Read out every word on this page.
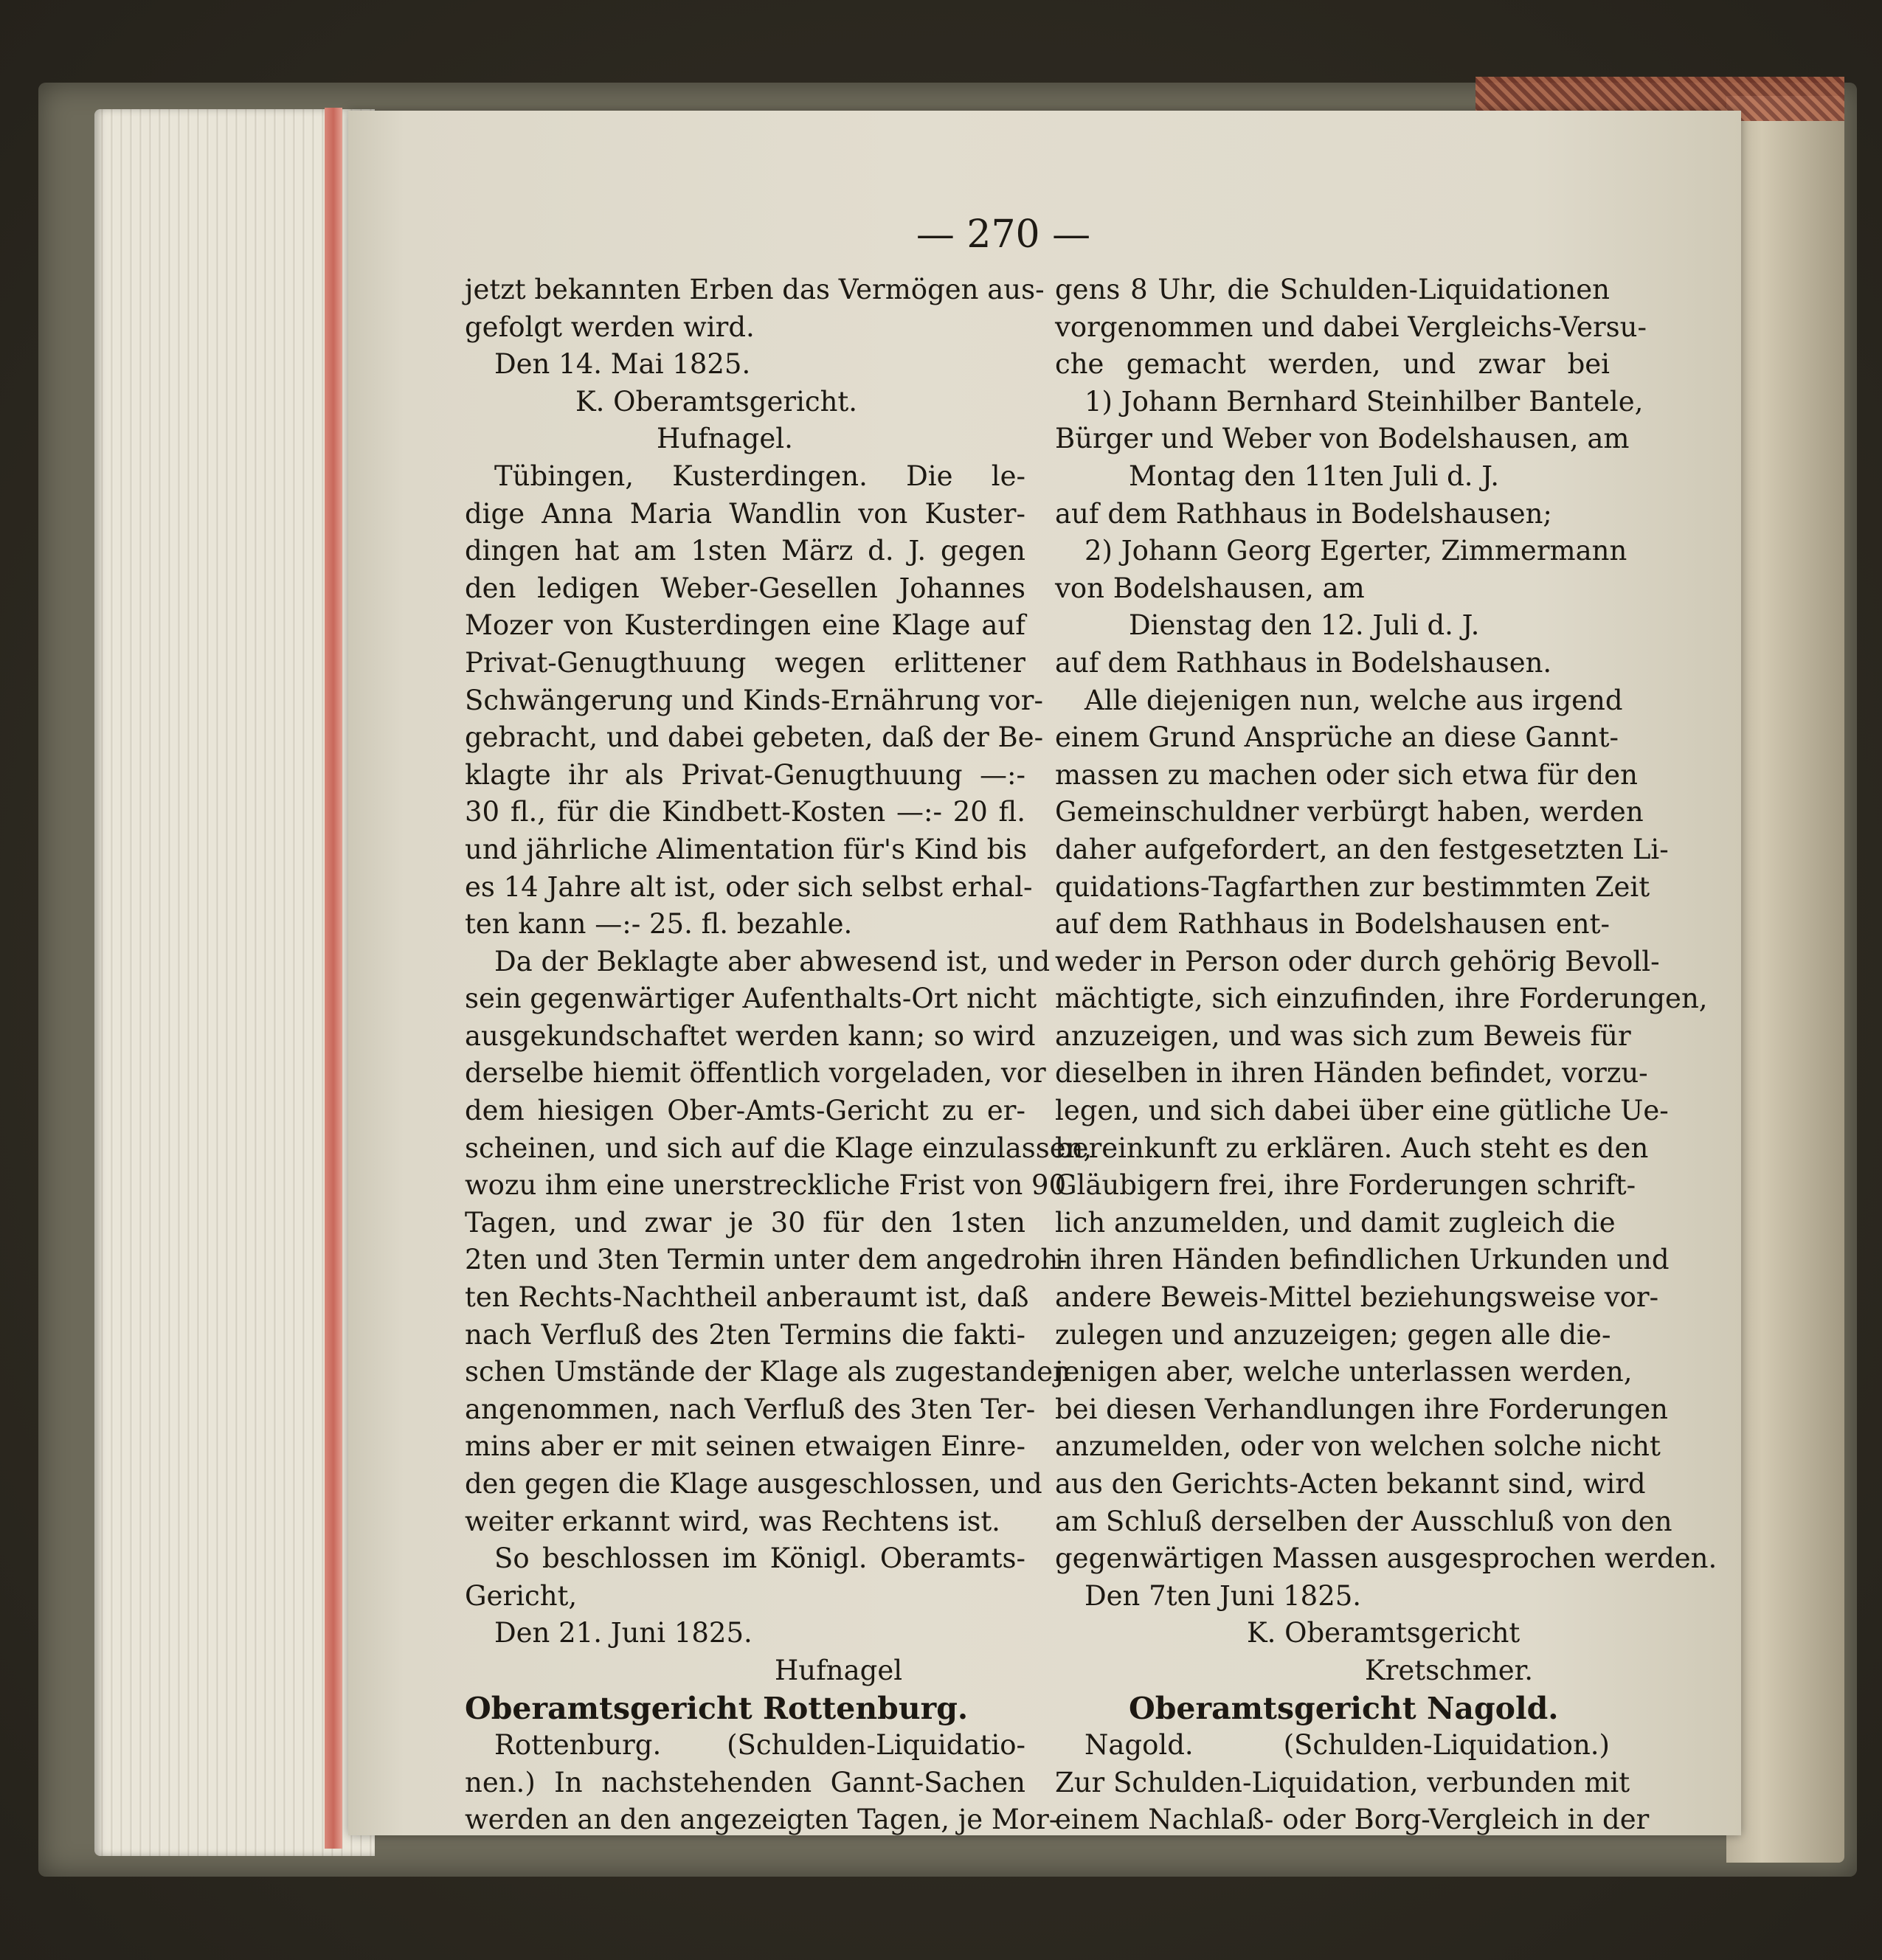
— 270 —
jetzt bekannten Erben das Vermögen aus-
gefolgt werden wird.
Den 14. Mai 1825.
K. Oberamtsgericht.
Hufnagel.
Tübingen, Kusterdingen. Die le-
dige Anna Maria Wandlin von Kuster-
dingen hat am 1sten März d. J. gegen
den ledigen Weber-Gesellen Johannes
Mozer von Kusterdingen eine Klage auf
Privat-Genugthuung wegen erlittener
Schwängerung und Kinds-Ernährung vor-
gebracht, und dabei gebeten, daß der Be-
klagte ihr als Privat-Genugthuung —:-
30 fl., für die Kindbett-Kosten —:- 20 fl.
und jährliche Alimentation für's Kind bis
es 14 Jahre alt ist, oder sich selbst erhal-
ten kann —:- 25. fl. bezahle.
Da der Beklagte aber abwesend ist, und
sein gegenwärtiger Aufenthalts-Ort nicht
ausgekundschaftet werden kann; so wird
derselbe hiemit öffentlich vorgeladen, vor
dem hiesigen Ober-Amts-Gericht zu er-
scheinen, und sich auf die Klage einzulassen,
wozu ihm eine unerstreckliche Frist von 90
Tagen, und zwar je 30 für den 1sten
2ten und 3ten Termin unter dem angedroh-
ten Rechts-Nachtheil anberaumt ist, daß
nach Verfluß des 2ten Termins die fakti-
schen Umstände der Klage als zugestanden
angenommen, nach Verfluß des 3ten Ter-
mins aber er mit seinen etwaigen Einre-
den gegen die Klage ausgeschlossen, und
weiter erkannt wird, was Rechtens ist.
So beschlossen im Königl. Oberamts-
Gericht,
Den 21. Juni 1825.
Hufnagel
Oberamtsgericht Rottenburg.
Rottenburg. (Schulden-Liquidatio-
nen.) In nachstehenden Gannt-Sachen
werden an den angezeigten Tagen, je Mor-
gens 8 Uhr, die Schulden-Liquidationen
vorgenommen und dabei Vergleichs-Versu-
che gemacht werden, und zwar bei
1) Johann Bernhard Steinhilber Bantele,
Bürger und Weber von Bodelshausen, am
Montag den 11ten Juli d. J.
auf dem Rathhaus in Bodelshausen;
2) Johann Georg Egerter, Zimmermann
von Bodelshausen, am
Dienstag den 12. Juli d. J.
auf dem Rathhaus in Bodelshausen.
Alle diejenigen nun, welche aus irgend
einem Grund Ansprüche an diese Gannt-
massen zu machen oder sich etwa für den
Gemeinschuldner verbürgt haben, werden
daher aufgefordert, an den festgesetzten Li-
quidations-Tagfarthen zur bestimmten Zeit
auf dem Rathhaus in Bodelshausen ent-
weder in Person oder durch gehörig Bevoll-
mächtigte, sich einzufinden, ihre Forderungen,
anzuzeigen, und was sich zum Beweis für
dieselben in ihren Händen befindet, vorzu-
legen, und sich dabei über eine gütliche Ue-
bereinkunft zu erklären. Auch steht es den
Gläubigern frei, ihre Forderungen schrift-
lich anzumelden, und damit zugleich die
in ihren Händen befindlichen Urkunden und
andere Beweis-Mittel beziehungsweise vor-
zulegen und anzuzeigen; gegen alle die-
jenigen aber, welche unterlassen werden,
bei diesen Verhandlungen ihre Forderungen
anzumelden, oder von welchen solche nicht
aus den Gerichts-Acten bekannt sind, wird
am Schluß derselben der Ausschluß von den
gegenwärtigen Massen ausgesprochen werden.
Den 7ten Juni 1825.
K. Oberamtsgericht
Kretschmer.
Oberamtsgericht Nagold.
Nagold. (Schulden-Liquidation.)
Zur Schulden-Liquidation, verbunden mit
einem Nachlaß- oder Borg-Vergleich in der
